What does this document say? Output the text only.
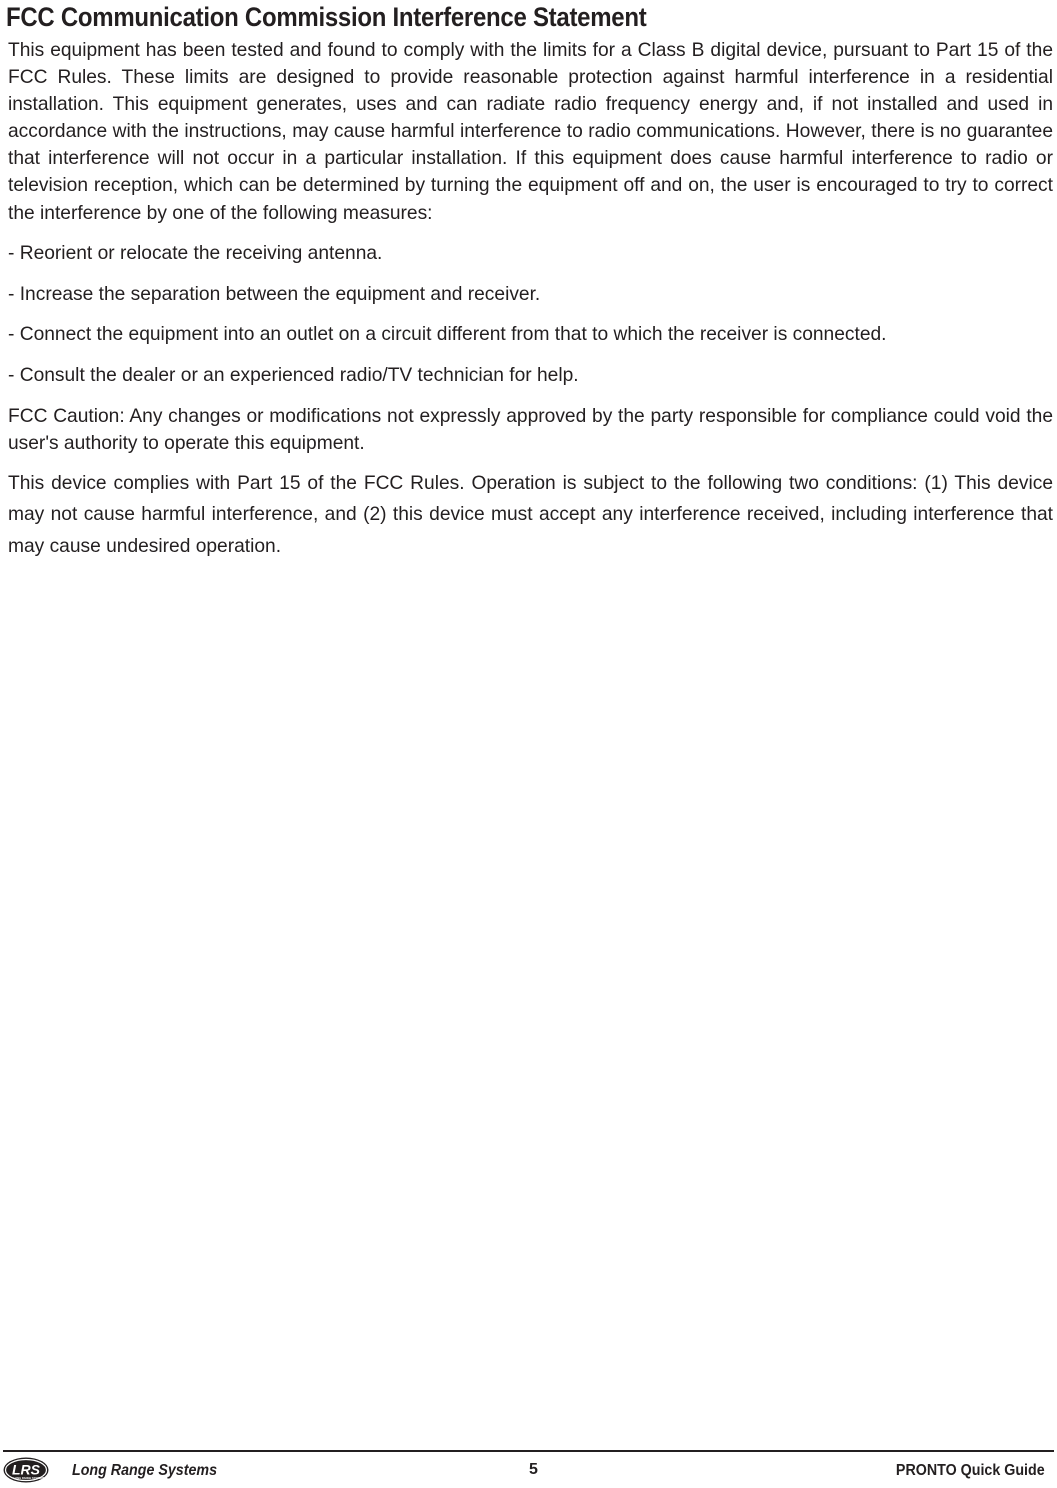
FCC Communication Commission Interference Statement

This equipment has been tested and found to comply with the limits for a Class B digital device, pursuant to Part 15 of the FCC Rules. These limits are designed to provide reasonable protection against harmful interference in a residential installation. This equipment generates, uses and can radiate radio frequency energy and, if not installed and used in accordance with the instructions, may cause harmful interference to radio communications. However, there is no guarantee that interference will not occur in a particular installation. If this equipment does cause harmful interference to radio or television reception, which can be determined by turning the equipment off and on, the user is encouraged to try to correct the interference by one of the following measures:

- Reorient or relocate the receiving antenna.

- Increase the separation between the equipment and receiver.

- Connect the equipment into an outlet on a circuit different from that to which the receiver is connected.

- Consult the dealer or an experienced radio/TV technician for help.

FCC Caution: Any changes or modifications not expressly approved by the party responsible for compliance could void the user's authority to operate this equipment.

This device complies with Part 15 of the FCC Rules. Operation is subject to the following two conditions: (1) This device may not cause harmful interference, and (2) this device must accept any interference received, including interference that may cause undesired operation.

LRS
LONG RANGE SYSTEMS Long Range Systems	5	PRONTO Quick Guide
